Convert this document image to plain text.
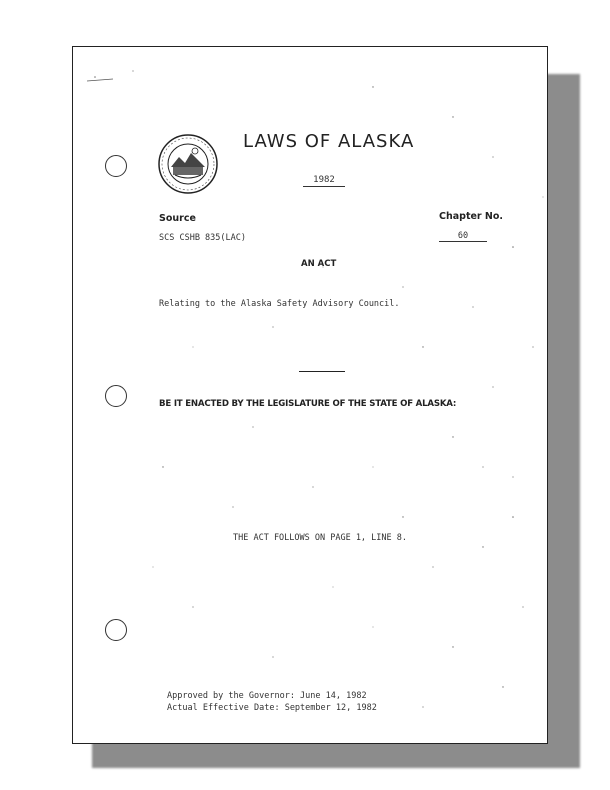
LAWS OF ALASKA
1982
Source	Chapter No.
SCS CSHB 835(LAC)	60
AN ACT
Relating to the Alaska Safety Advisory Council.
BE IT ENACTED BY THE LEGISLATURE OF THE STATE OF ALASKA:
THE ACT FOLLOWS ON PAGE 1, LINE 8.
Approved by the Governor: June 14, 1982
Actual Effective Date: September 12, 1982
